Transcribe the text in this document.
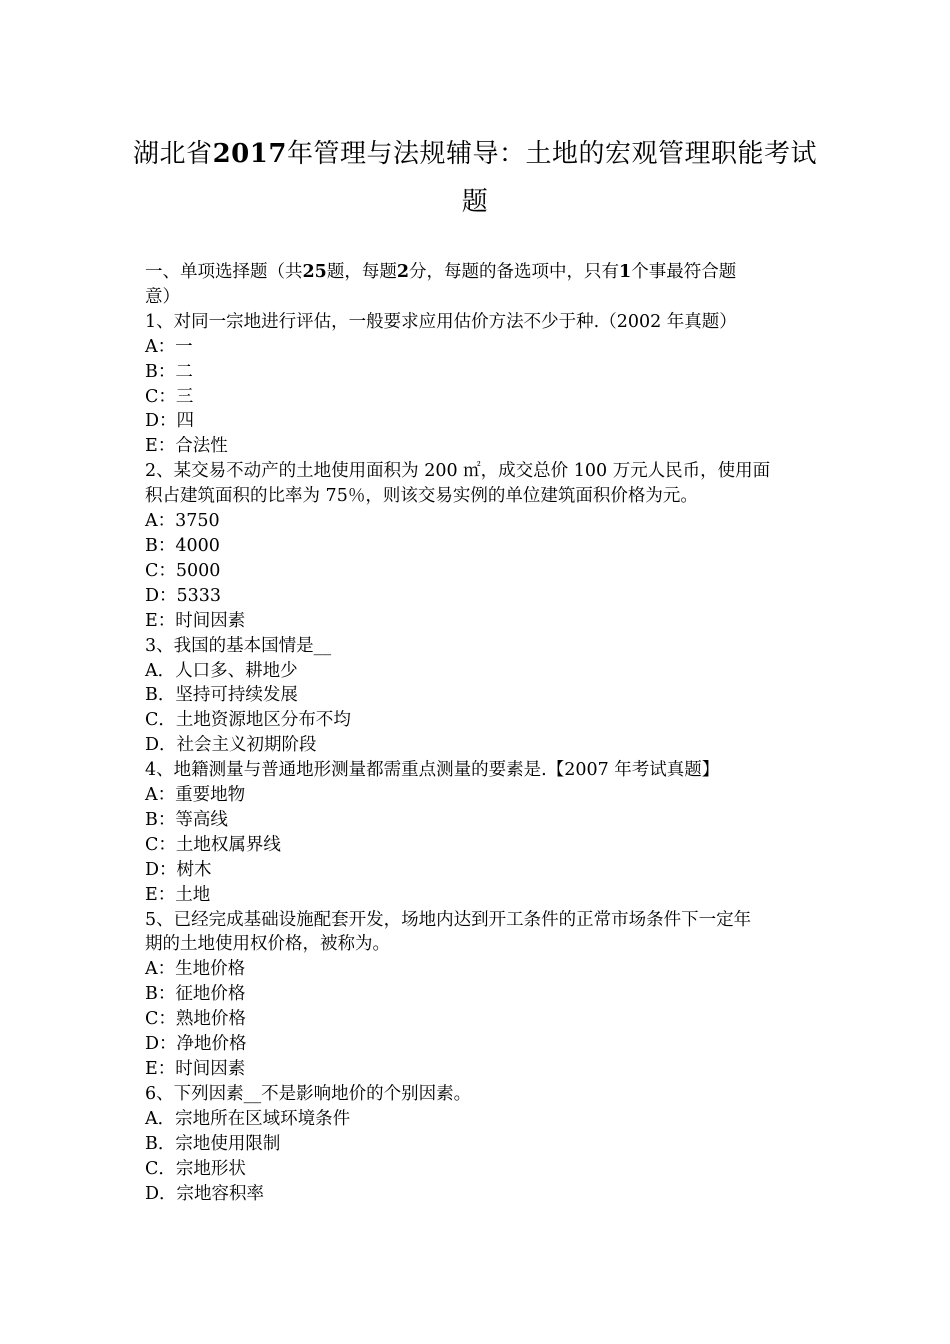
湖北省2017年管理与法规辅导：土地的宏观管理职能考试
题
一、单项选择题（共25题，每题2分，每题的备选项中，只有1个事最符合题
意）
1、对同一宗地进行评估，一般要求应用估价方法不少于种.（2002 年真题）
A：一
B：二
C：三
D：四
E：合法性
2、某交易不动产的土地使用面积为 200 ㎡，成交总价 100 万元人民币，使用面
积占建筑面积的比率为 75％，则该交易实例的单位建筑面积价格为元。
A：3750
B：4000
C：5000
D：5333
E：时间因素
3、我国的基本国情是__
A．人口多、耕地少
B．坚持可持续发展
C．土地资源地区分布不均
D．社会主义初期阶段
4、地籍测量与普通地形测量都需重点测量的要素是.【2007 年考试真题】
A：重要地物
B：等高线
C：土地权属界线
D：树木
E：土地
5、已经完成基础设施配套开发，场地内达到开工条件的正常市场条件下一定年
期的土地使用权价格，被称为。
A：生地价格
B：征地价格
C：熟地价格
D：净地价格
E：时间因素
6、下列因素__不是影响地价的个别因素。
A．宗地所在区域环境条件
B．宗地使用限制
C．宗地形状
D．宗地容积率
